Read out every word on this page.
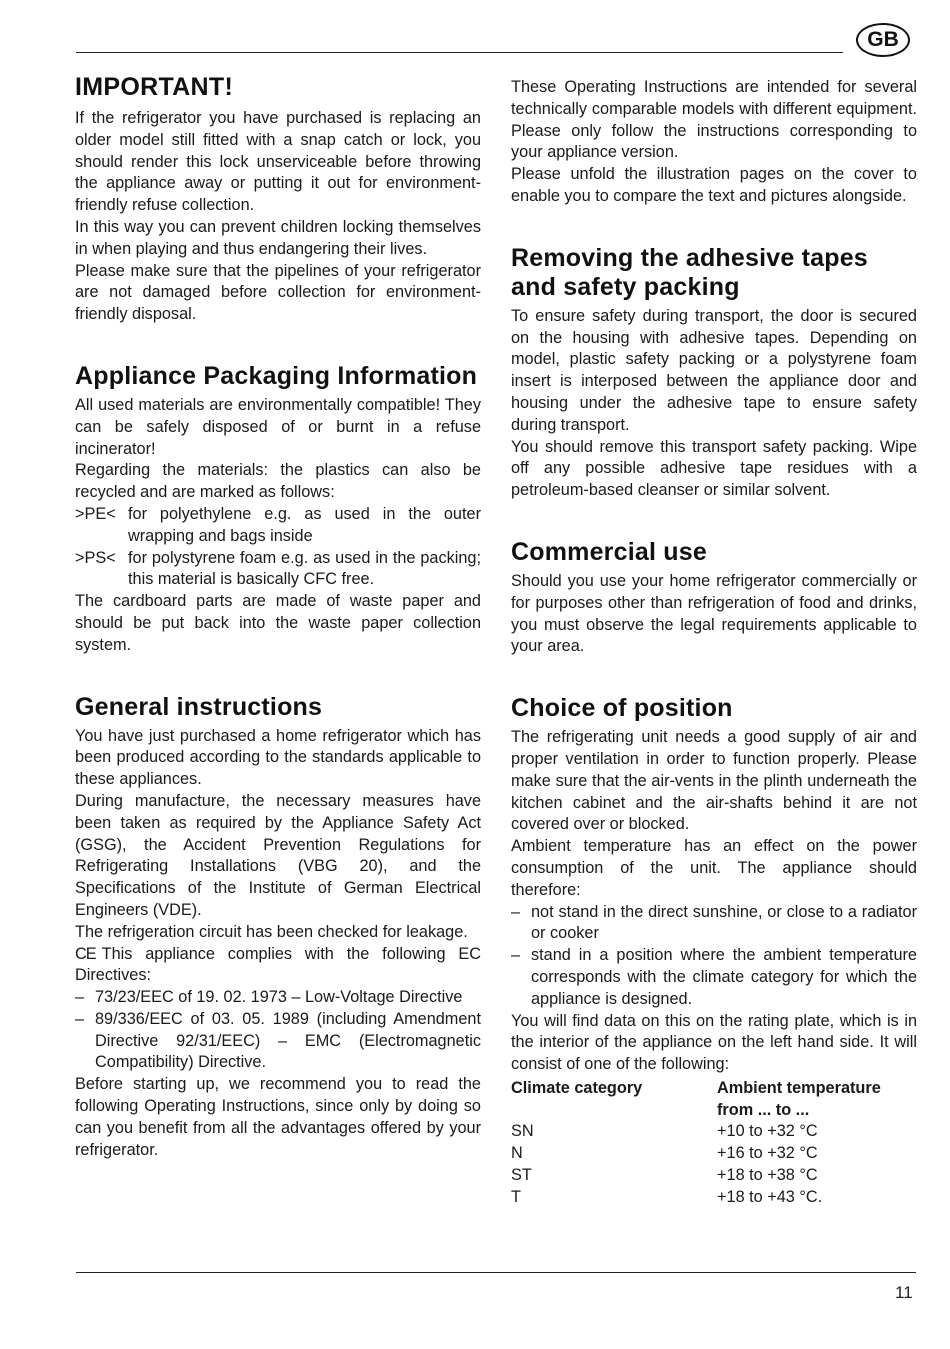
GB
IMPORTANT!

If the refrigerator you have purchased is replacing an older model still fitted with a snap catch or lock, you should render this lock unserviceable before throwing the appliance away or putting it out for environment-friendly refuse collection.

In this way you can prevent children locking themselves in when playing and thus endangering their lives.

Please make sure that the pipelines of your refrigerator are not damaged before collection for environment-friendly disposal.

Appliance Packaging Information

All used materials are environmentally compatible! They can be safely disposed of or burnt in a refuse incinerator!

Regarding the materials: the plastics can also be recycled and are marked as follows:

>PE< for polyethylene e.g. as used in the outer wrapping and bags inside
>PS< for polystyrene foam e.g. as used in the packing; this material is basically CFC free.

The cardboard parts are made of waste paper and should be put back into the waste paper collection system.

General instructions

You have just purchased a home refrigerator which has been produced according to the standards applicable to these appliances.

During manufacture, the necessary measures have been taken as required by the Appliance Safety Act (GSG), the Accident Prevention Regulations for Refrigerating Installations (VBG 20), and the Specifications of the Institute of German Electrical Engineers (VDE).

The refrigeration circuit has been checked for leakage.

CE This appliance complies with the following EC Directives:

– 73/23/EEC of 19. 02. 1973 – Low-Voltage Directive
– 89/336/EEC of 03. 05. 1989 (including Amendment Directive 92/31/EEC) – EMC (Electromagnetic Compatibility) Directive.

Before starting up, we recommend you to read the following Operating Instructions, since only by doing so can you benefit from all the advantages offered by your refrigerator.

These Operating Instructions are intended for several technically comparable models with different equipment. Please only follow the instructions corresponding to your appliance version.

Please unfold the illustration pages on the cover to enable you to compare the text and pictures alongside.

Removing the adhesive tapes and safety packing

To ensure safety during transport, the door is secured on the housing with adhesive tapes. Depending on model, plastic safety packing or a polystyrene foam insert is interposed between the appliance door and housing under the adhesive tape to ensure safety during transport.

You should remove this transport safety packing. Wipe off any possible adhesive tape residues with a petroleum-based cleanser or similar solvent.

Commercial use

Should you use your home refrigerator commercially or for purposes other than refrigeration of food and drinks, you must observe the legal requirements applicable to your area.

Choice of position

The refrigerating unit needs a good supply of air and proper ventilation in order to function properly. Please make sure that the air-vents in the plinth underneath the kitchen cabinet and the air-shafts behind it are not covered over or blocked.

Ambient temperature has an effect on the power consumption of the unit. The appliance should therefore:

– not stand in the direct sunshine, or close to a radiator or cooker
– stand in a position where the ambient temperature corresponds with the climate category for which the appliance is designed.

You will find data on this on the rating plate, which is in the interior of the appliance on the left hand side. It will consist of one of the following:

Climate category	Ambient temperature from ... to ...
SN	+10 to +32 °C
N	+16 to +32 °C
ST	+18 to +38 °C
T	+18 to +43 °C.
11
